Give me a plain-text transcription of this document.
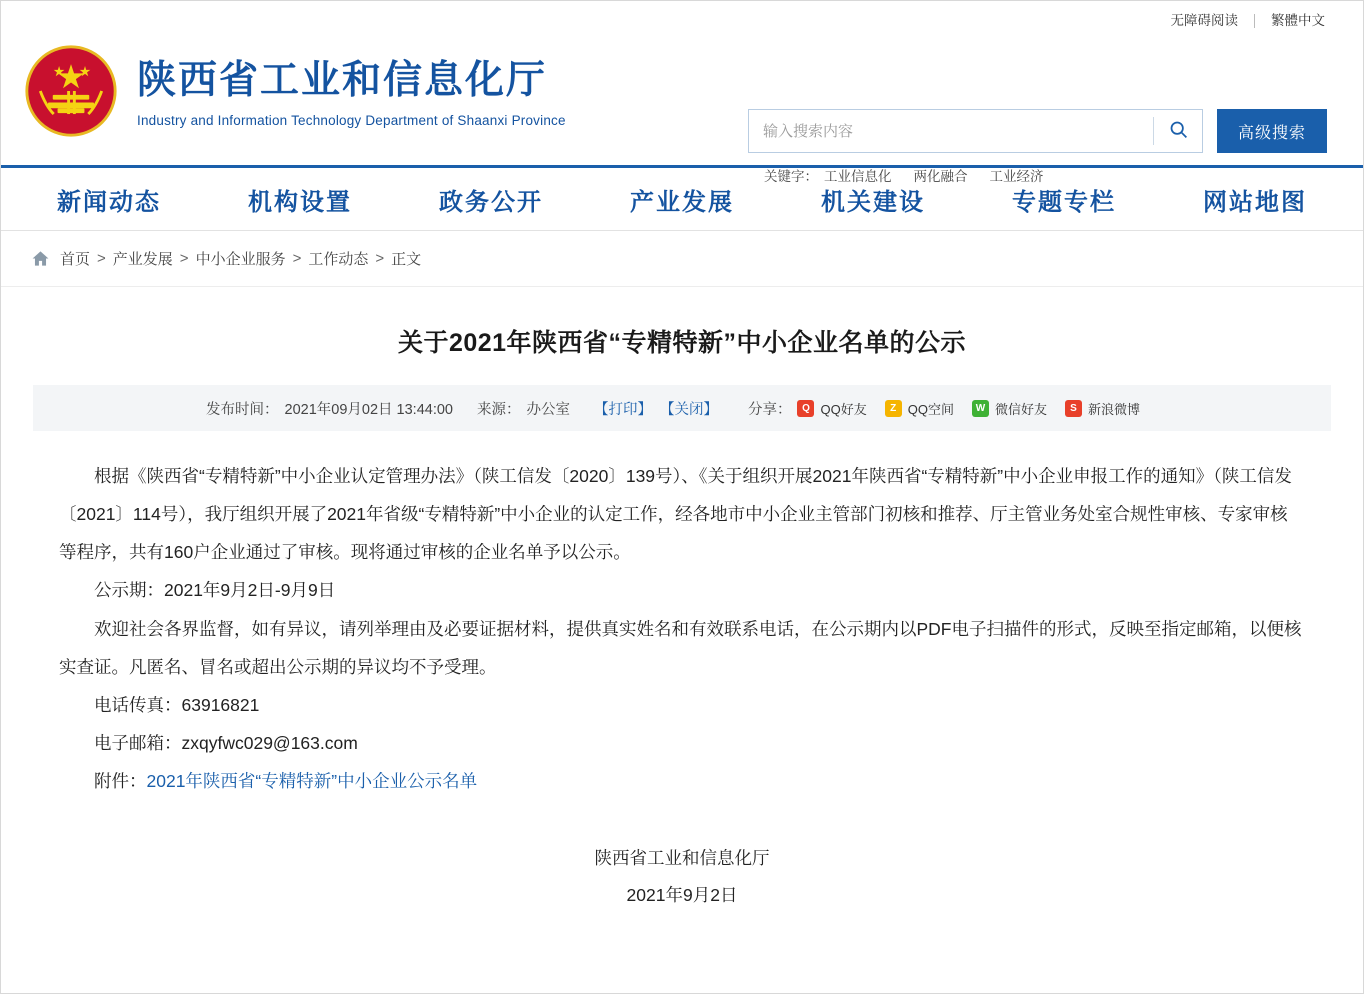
无障碍阅读 繁體中文
陕西省工业和信息化厅
Industry and Information Technology Department of Shaanxi Province
输入搜索内容
高级搜索
关键字： 工业信息化 两化融合 工业经济
新闻动态	机构设置	政务公开	产业发展	机关建设	专题专栏	网站地图
首页 > 产业发展 > 中小企业服务 > 工作动态 > 正文
关于2021年陕西省“专精特新”中小企业名单的公示
发布时间： 2021年09月02日 13:44:00 来源： 办公室 【打印】 【关闭】 分享：	Q QQ好友	Z QQ空间	W 微信好友	S 新浪微博

根据《陕西省“专精特新”中小企业认定管理办法》（陕工信发〔2020〕139号）、《关于组织开展2021年陕西省“专精特新”中小企业申报工作的通知》（陕工信发〔2021〕114号），我厅组织开展了2021年省级“专精特新”中小企业的认定工作，经各地市中小企业主管部门初核和推荐、厅主管业务处室合规性审核、专家审核等程序，共有160户企业通过了审核。现将通过审核的企业名单予以公示。

公示期：2021年9月2日-9月9日

欢迎社会各界监督，如有异议，请列举理由及必要证据材料，提供真实姓名和有效联系电话，在公示期内以PDF电子扫描件的形式，反映至指定邮箱，以便核实查证。凡匿名、冒名或超出公示期的异议均不予受理。

电话传真：63916821

电子邮箱：zxqyfwc029@163.com

附件：2021年陕西省“专精特新”中小企业公示名单

陕西省工业和信息化厅
2021年9月2日
